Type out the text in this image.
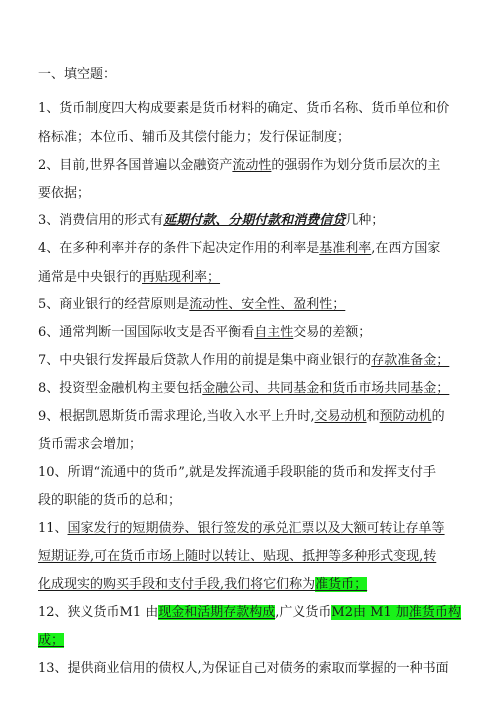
一、填空题：
1、货币制度四大构成要素是货币材料的确定、货币名称、货币单位和价
格标准；本位币、辅币及其偿付能力；发行保证制度；
2、目前,世界各国普遍以金融资产流动性的强弱作为划分货币层次的主
要依据；
3、消费信用的形式有延期付款、分期付款和消费信贷几种；
4、在多种利率并存的条件下起决定作用的利率是基准利率,在西方国家
通常是中央银行的再贴现利率；
5、商业银行的经营原则是流动性、安全性、盈利性；
6、通常判断一国国际收支是否平衡看自主性交易的差额；
7、中央银行发挥最后贷款人作用的前提是集中商业银行的存款准备金；
8、投资型金融机构主要包括金融公司、共同基金和货币市场共同基金；
9、根据凯恩斯货币需求理论,当收入水平上升时,交易动机和预防动机的
货币需求会增加；
10、所谓“流通中的货币”,就是发挥流通手段职能的货币和发挥支付手
段的职能的货币的总和；
11、国家发行的短期债券、银行签发的承兑汇票以及大额可转让存单等
短期证券,可在货币市场上随时以转让、贴现、抵押等多种形式变现,转
化成现实的购买手段和支付手段,我们将它们称为准货币；
12、狭义货币M1 由现金和活期存款构成,广义货币M2由 M1 加准货币构
成；
13、提供商业信用的债权人,为保证自己对债务的索取而掌握的一种书面
